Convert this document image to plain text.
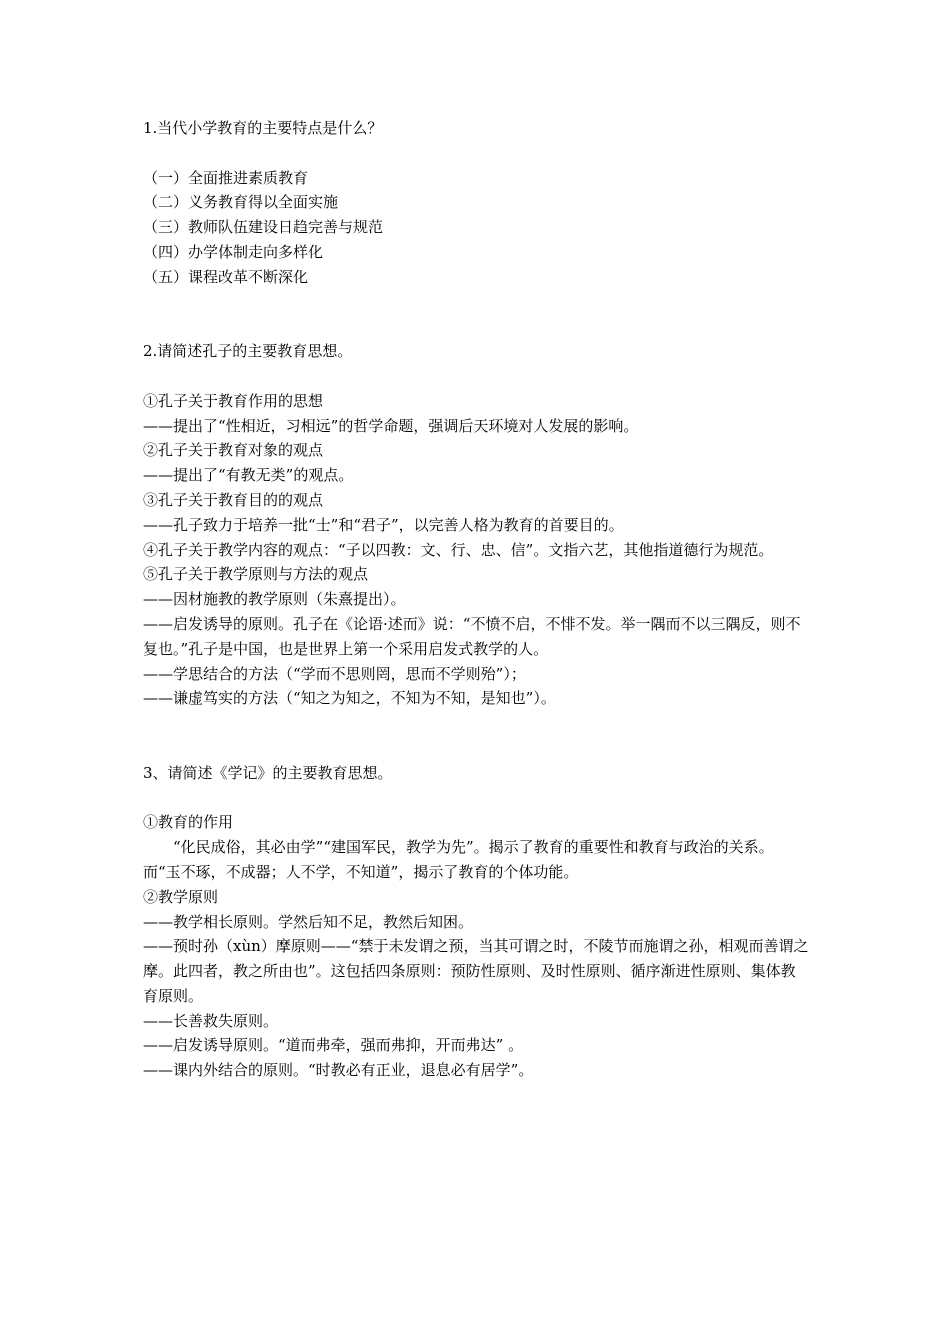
1.当代小学教育的主要特点是什么？
（一）全面推进素质教育
（二）义务教育得以全面实施
（三）教师队伍建设日趋完善与规范
（四）办学体制走向多样化
（五）课程改革不断深化
2.请简述孔子的主要教育思想。
①孔子关于教育作用的思想
——提出了“性相近，习相远”的哲学命题，强调后天环境对人发展的影响。
②孔子关于教育对象的观点
——提出了“有教无类”的观点。
③孔子关于教育目的的观点
——孔子致力于培养一批“士”和“君子”，以完善人格为教育的首要目的。
④孔子关于教学内容的观点：“子以四教：文、行、忠、信”。文指六艺，其他指道德行为规范。
⑤孔子关于教学原则与方法的观点
——因材施教的教学原则（朱熹提出）。
——启发诱导的原则。孔子在《论语·述而》说：“不愤不启，不悱不发。举一隅而不以三隅反，则不复也。”孔子是中国，也是世界上第一个采用启发式教学的人。
——学思结合的方法（“学而不思则罔，思而不学则殆”）；
——谦虚笃实的方法（“知之为知之，不知为不知，是知也”）。
3、请简述《学记》的主要教育思想。
①教育的作用
“化民成俗，其必由学”“建国军民，教学为先”。揭示了教育的重要性和教育与政治的关系。而“玉不琢，不成器；人不学，不知道”，揭示了教育的个体功能。
②教学原则
——教学相长原则。学然后知不足，教然后知困。
——预时孙（xùn）摩原则——“禁于未发谓之预，当其可谓之时，不陵节而施谓之孙，相观而善谓之摩。此四者，教之所由也”。这包括四条原则：预防性原则、及时性原则、循序渐进性原则、集体教育原则。
——长善救失原则。
——启发诱导原则。“道而弗牵，强而弗抑，开而弗达” 。
——课内外结合的原则。“时教必有正业，退息必有居学”。
